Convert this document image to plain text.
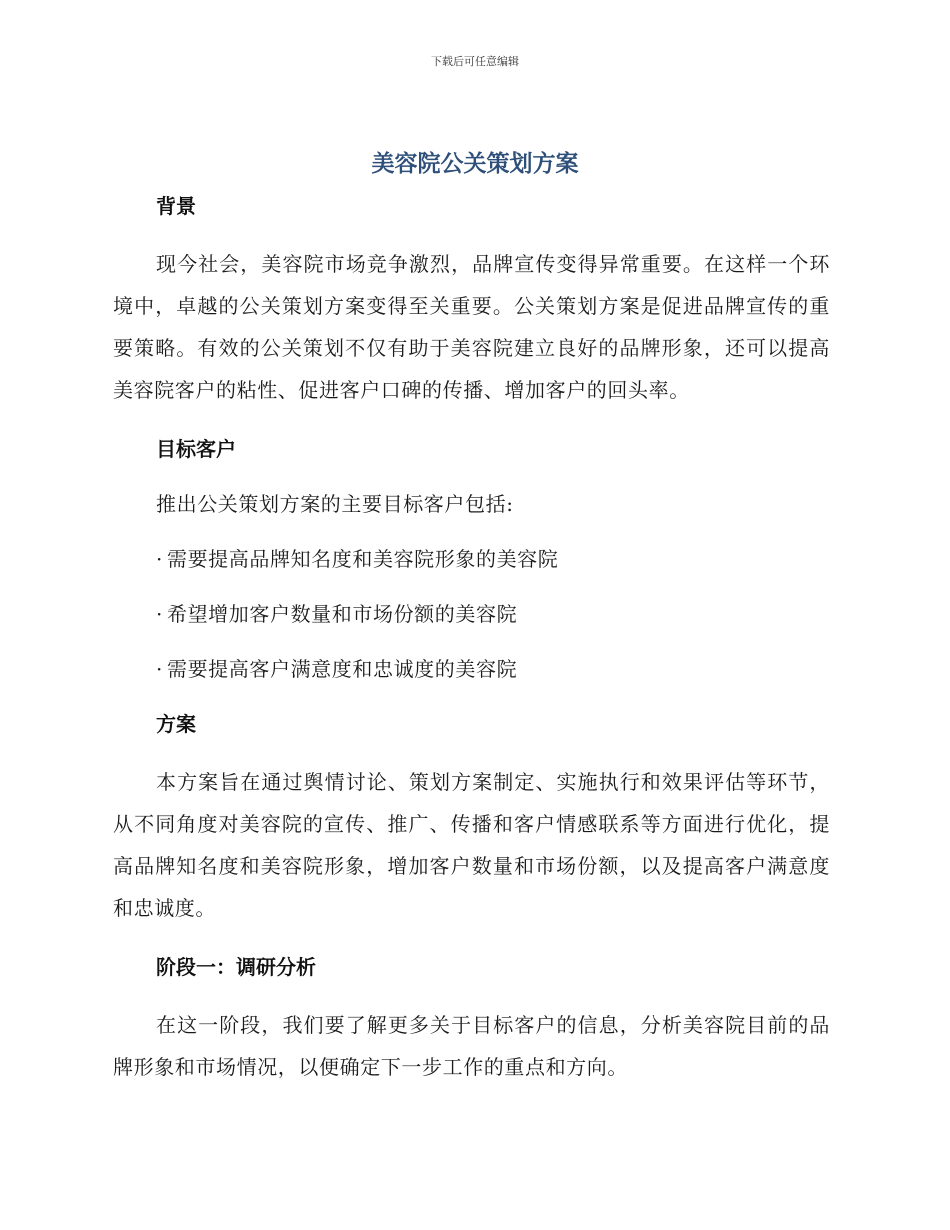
下载后可任意编辑
美容院公关策划方案
背景

现今社会，美容院市场竞争激烈，品牌宣传变得异常重要。在这样一个环境中，卓越的公关策划方案变得至关重要。公关策划方案是促进品牌宣传的重要策略。有效的公关策划不仅有助于美容院建立良好的品牌形象，还可以提高美容院客户的粘性、促进客户口碑的传播、增加客户的回头率。

目标客户
推出公关策划方案的主要目标客户包括:
· 需要提高品牌知名度和美容院形象的美容院
· 希望增加客户数量和市场份额的美容院
· 需要提高客户满意度和忠诚度的美容院
方案

本方案旨在通过舆情讨论、策划方案制定、实施执行和效果评估等环节，从不同角度对美容院的宣传、推广、传播和客户情感联系等方面进行优化，提高品牌知名度和美容院形象，增加客户数量和市场份额，以及提高客户满意度和忠诚度。

阶段一：调研分析

在这一阶段，我们要了解更多关于目标客户的信息，分析美容院目前的品牌形象和市场情况，以便确定下一步工作的重点和方向。
